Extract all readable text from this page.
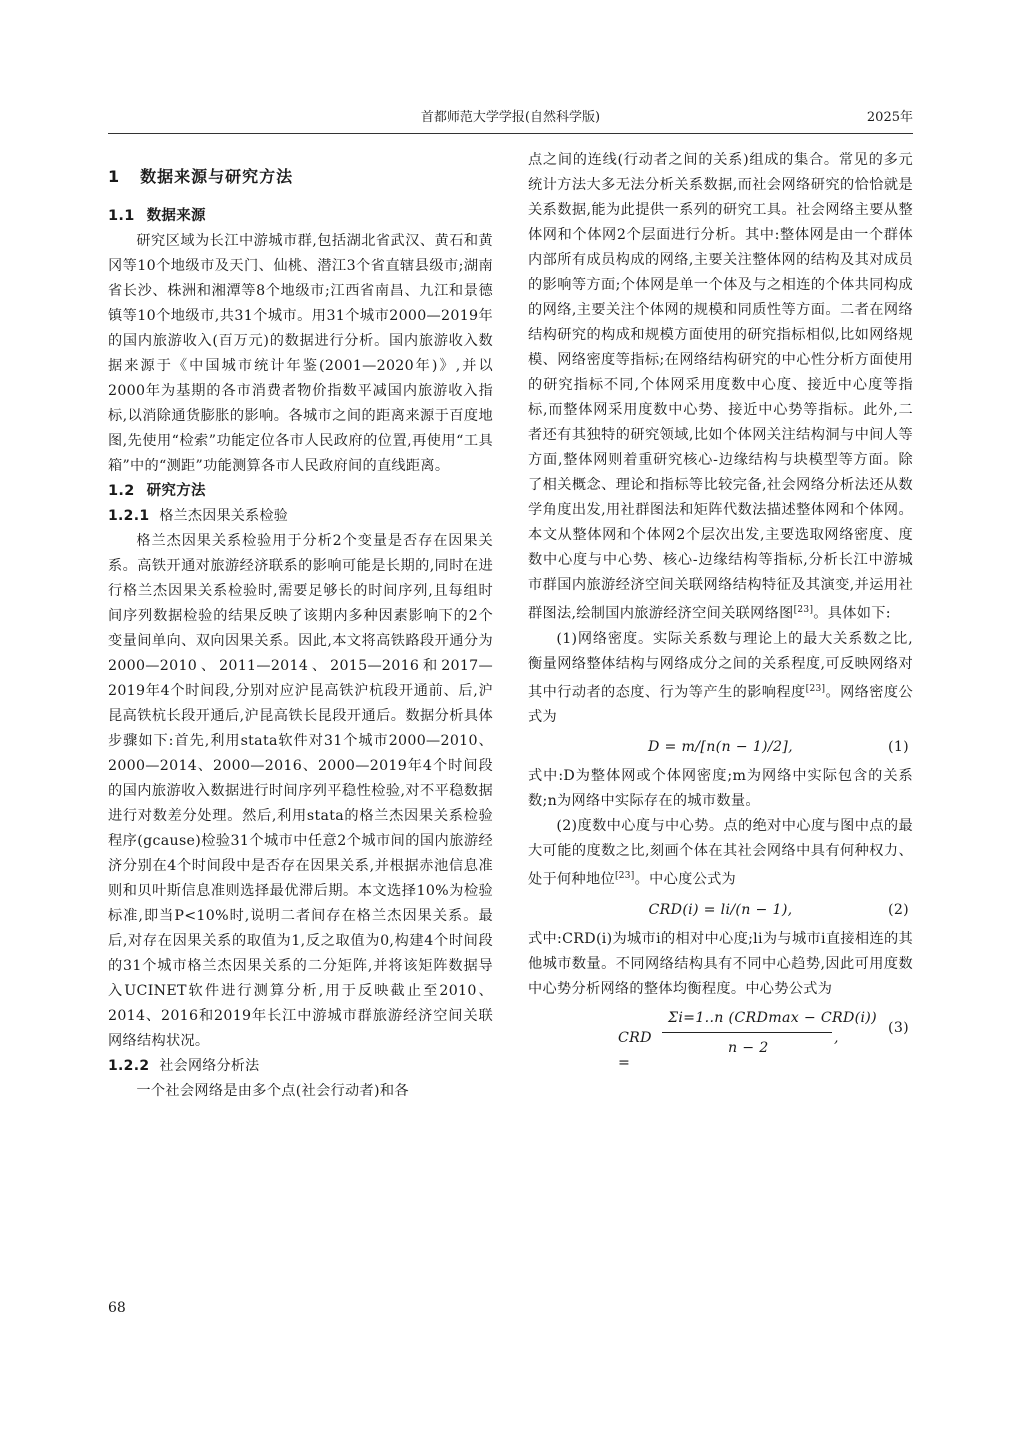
首都师范大学学报(自然科学版)	2025年
1 数据来源与研究方法
1.1 数据来源

研究区域为长江中游城市群,包括湖北省武汉、黄石和黄冈等10个地级市及天门、仙桃、潜江3个省直辖县级市;湖南省长沙、株洲和湘潭等8个地级市;江西省南昌、九江和景德镇等10个地级市,共31个城市。用31个城市2000—2019年的国内旅游收入(百万元)的数据进行分析。国内旅游收入数据来源于《中国城市统计年鉴(2001—2020年)》,并以2000年为基期的各市消费者物价指数平减国内旅游收入指标,以消除通货膨胀的影响。各城市之间的距离来源于百度地图,先使用“检索”功能定位各市人民政府的位置,再使用“工具箱”中的“测距”功能测算各市人民政府间的直线距离。

1.2 研究方法
1.2.1 格兰杰因果关系检验

格兰杰因果关系检验用于分析2个变量是否存在因果关系。高铁开通对旅游经济联系的影响可能是长期的,同时在进行格兰杰因果关系检验时,需要足够长的时间序列,且每组时间序列数据检验的结果反映了该期内多种因素影响下的2个变量间单向、双向因果关系。因此,本文将高铁路段开通分为2000—2010、2011—2014、2015—2016和2017—2019年4个时间段,分别对应沪昆高铁沪杭段开通前、后,沪昆高铁杭长段开通后,沪昆高铁长昆段开通后。数据分析具体步骤如下:首先,利用stata软件对31个城市2000—2010、2000—2014、2000—2016、2000—2019年4个时间段的国内旅游收入数据进行时间序列平稳性检验,对不平稳数据进行对数差分处理。然后,利用stata的格兰杰因果关系检验程序(gcause)检验31个城市中任意2个城市间的国内旅游经济分别在4个时间段中是否存在因果关系,并根据赤池信息准则和贝叶斯信息准则选择最优滞后期。本文选择10%为检验标准,即当P<10%时,说明二者间存在格兰杰因果关系。最后,对存在因果关系的取值为1,反之取值为0,构建4个时间段的31个城市格兰杰因果关系的二分矩阵,并将该矩阵数据导入UCINET软件进行测算分析,用于反映截止至2010、2014、2016和2019年长江中游城市群旅游经济空间关联网络结构状况。

1.2.2 社会网络分析法

一个社会网络是由多个点(社会行动者)和各

点之间的连线(行动者之间的关系)组成的集合。常见的多元统计方法大多无法分析关系数据,而社会网络研究的恰恰就是关系数据,能为此提供一系列的研究工具。社会网络主要从整体网和个体网2个层面进行分析。其中:整体网是由一个群体内部所有成员构成的网络,主要关注整体网的结构及其对成员的影响等方面;个体网是单一个体及与之相连的个体共同构成的网络,主要关注个体网的规模和同质性等方面。二者在网络结构研究的构成和规模方面使用的研究指标相似,比如网络规模、网络密度等指标;在网络结构研究的中心性分析方面使用的研究指标不同,个体网采用度数中心度、接近中心度等指标,而整体网采用度数中心势、接近中心势等指标。此外,二者还有其独特的研究领域,比如个体网关注结构洞与中间人等方面,整体网则着重研究核心-边缘结构与块模型等方面。除了相关概念、理论和指标等比较完备,社会网络分析法还从数学角度出发,用社群图法和矩阵代数法描述整体网和个体网。本文从整体网和个体网2个层次出发,主要选取网络密度、度数中心度与中心势、核心-边缘结构等指标,分析长江中游城市群国内旅游经济空间关联网络结构特征及其演变,并运用社群图法,绘制国内旅游经济空间关联网络图[23]。具体如下:

(1)网络密度。实际关系数与理论上的最大关系数之比,衡量网络整体结构与网络成分之间的关系程度,可反映网络对其中行动者的态度、行为等产生的影响程度[23]。网络密度公式为

D = m/[n(n − 1)/2],	(1)

式中:D为整体网或个体网密度;m为网络中实际包含的关系数;n为网络中实际存在的城市数量。

(2)度数中心度与中心势。点的绝对中心度与图中点的最大可能的度数之比,刻画个体在其社会网络中具有何种权力、处于何种地位[23]。中心度公式为

CRD(i) = li/(n − 1),	(2)

式中:CRD(i)为城市i的相对中心度;li为与城市i直接相连的其他城市数量。不同网络结构具有不同中心趋势,因此可用度数中心势分析网络的整体均衡程度。中心势公式为

CRD =
Σi=1..n (CRDmax − CRD(i))
n − 2
,
(3)
68
